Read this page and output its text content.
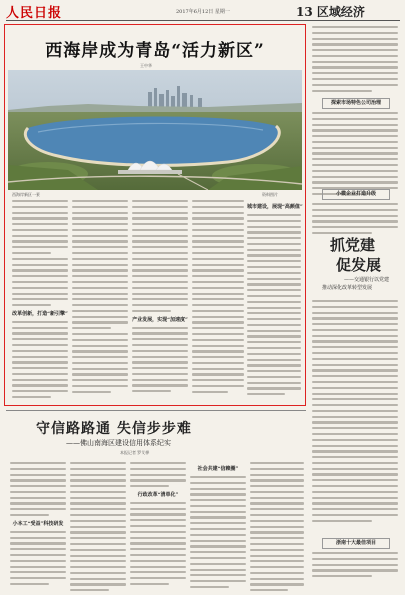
人民日报	2017年6月12日 星期一	13 区域经济
西海岸成为青岛“活力新区”
王中华
西海岸新区一景	资料图片
改革创新，打造“新引擎”
产业发展，实现“加速度”
城市建设，展现“高颜值”
探索市场特色公司治理
小微企业打造升级
抓党建
促发展
——交通银行以党建
推动深化改革转型发展
浙南十大最佳项目
守信路路通 失信步步难
——佛山南海区建设信用体系纪实
本报记者 罗艾桦
小本工“受益”科技研发
行政改革“清单化”
社会共建“信赖圈”
